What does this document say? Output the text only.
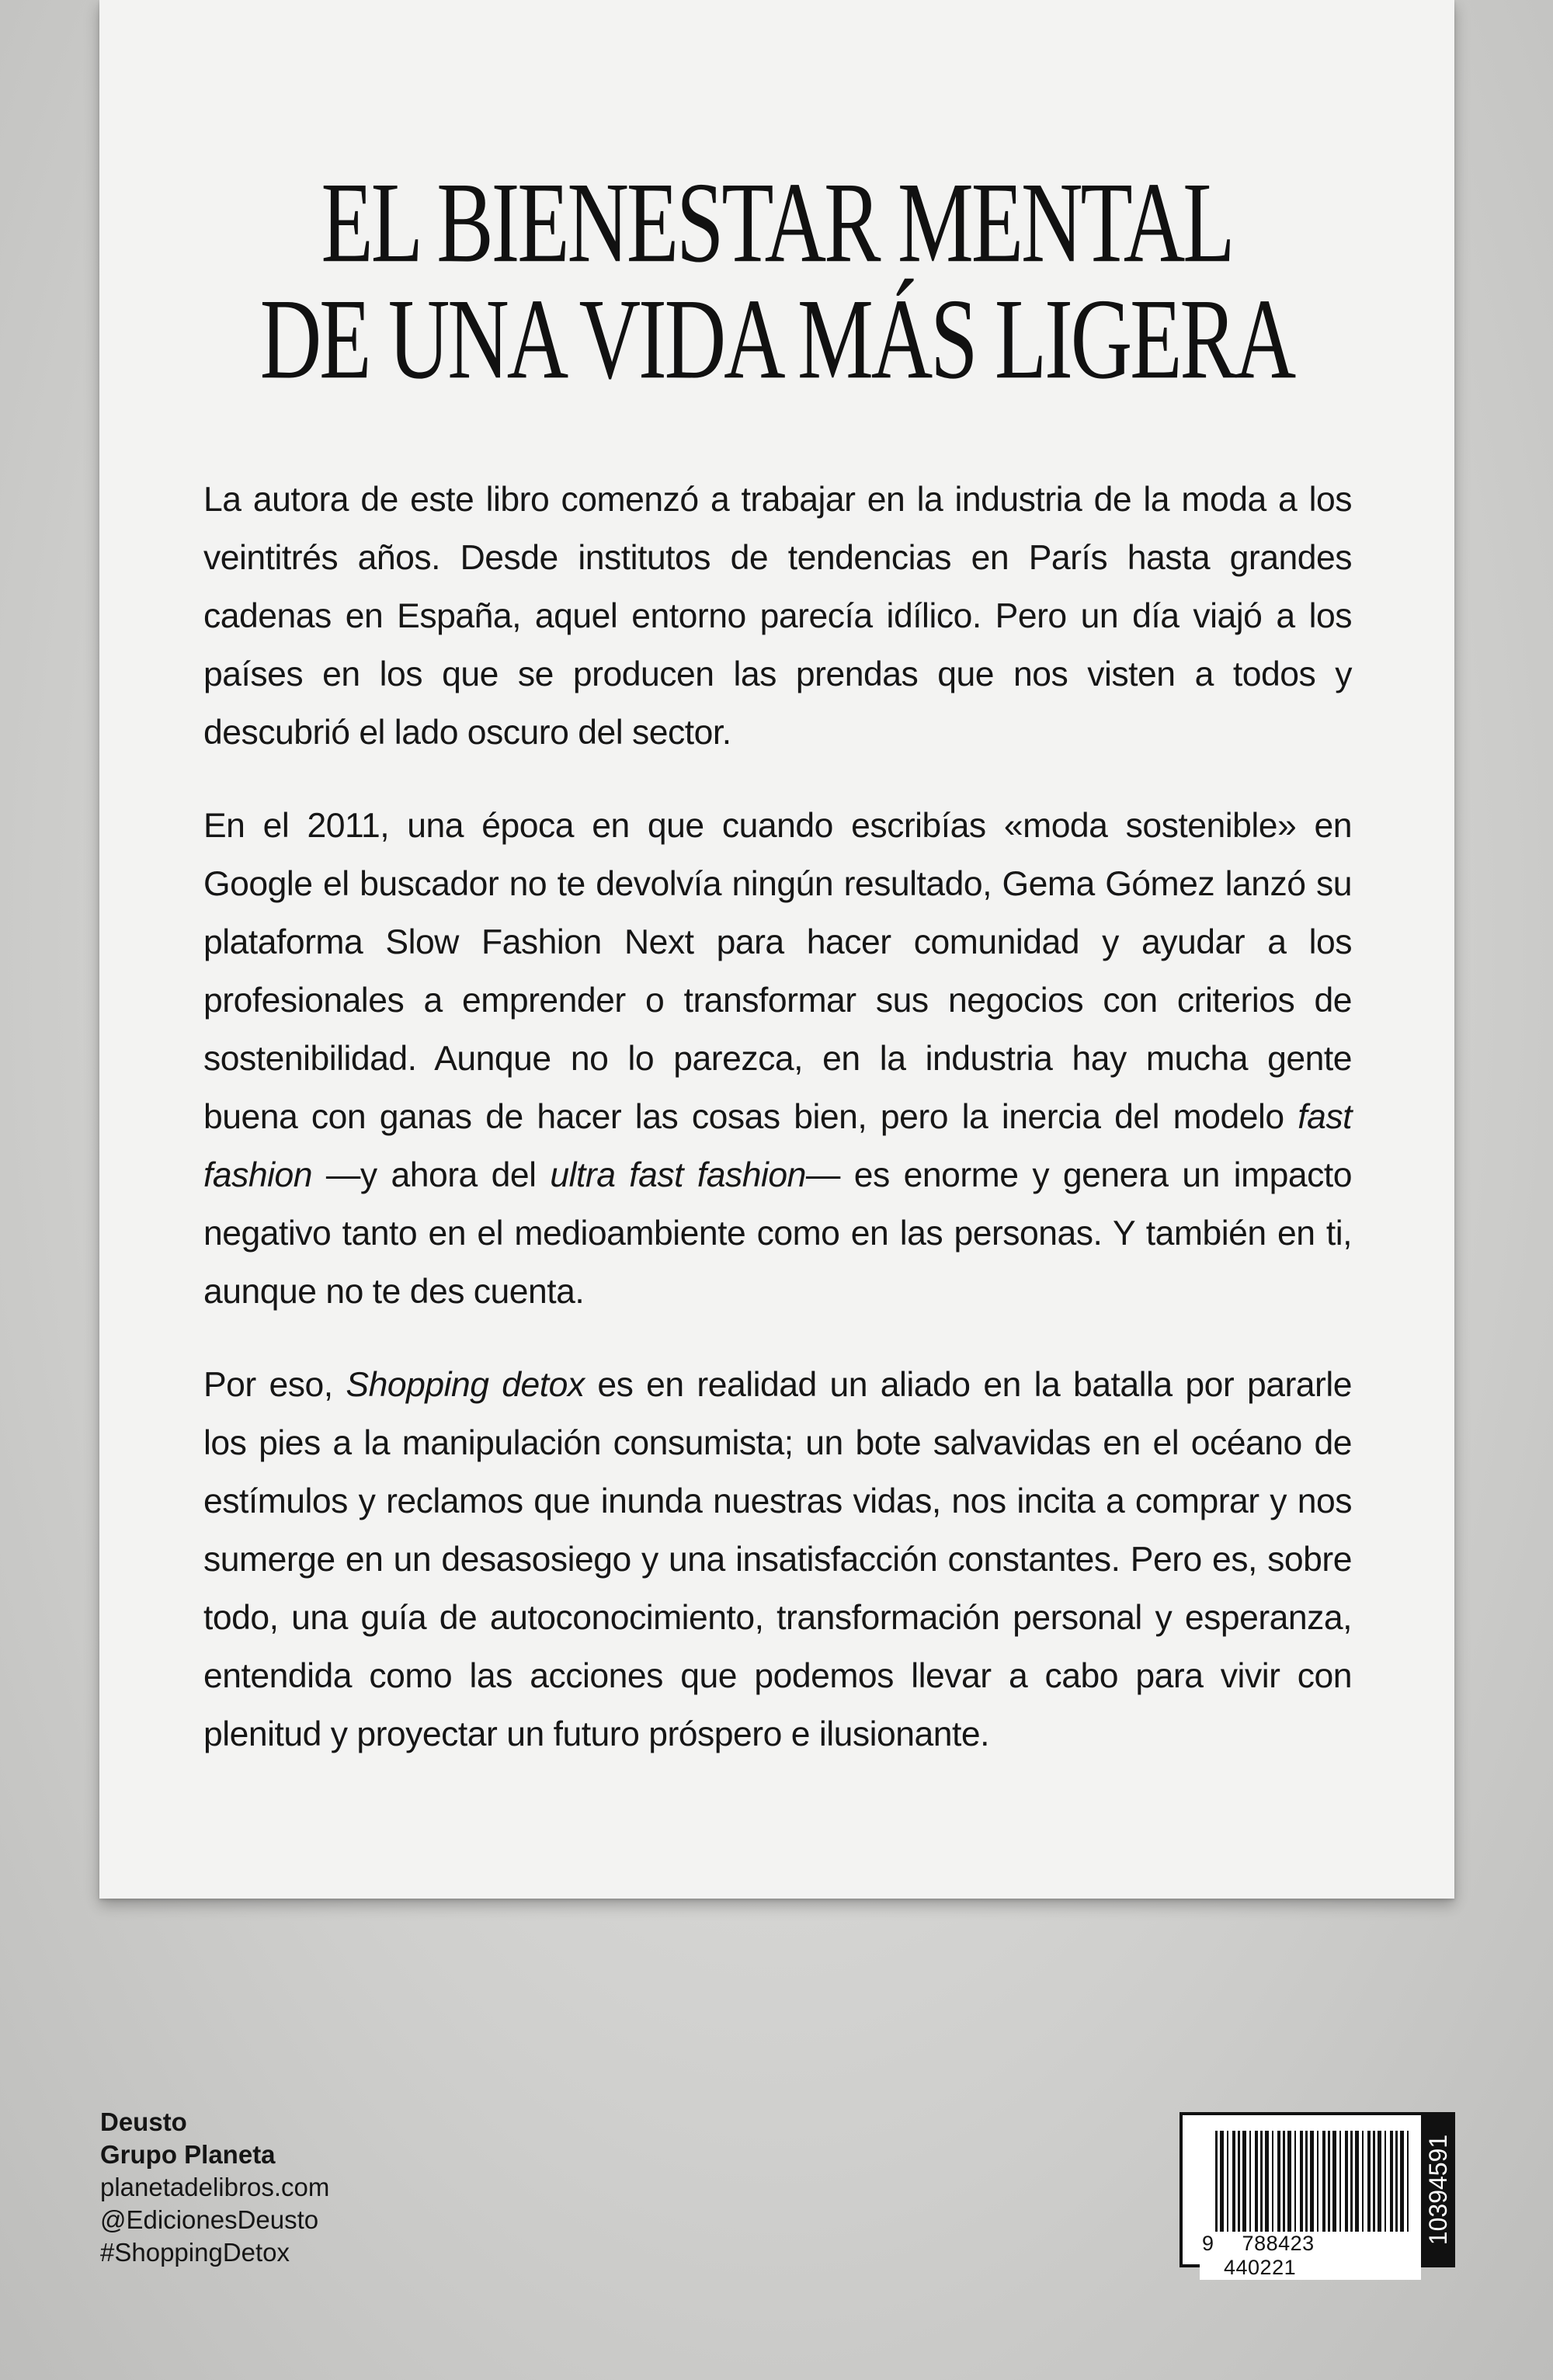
EL BIENESTAR MENTAL
DE UNA VIDA MÁS LIGERA

La autora de este libro comenzó a trabajar en la industria de la moda a los veintitrés años. Desde institutos de tendencias en París hasta grandes cadenas en España, aquel entorno parecía idílico. Pero un día viajó a los países en los que se producen las prendas que nos visten a todos y descubrió el lado oscuro del sector.

En el 2011, una época en que cuando escribías «moda sostenible» en Google el buscador no te devolvía ningún resultado, Gema Gómez lanzó su plataforma Slow Fashion Next para hacer comunidad y ayudar a los profesionales a emprender o transformar sus negocios con criterios de sostenibilidad. Aunque no lo parezca, en la industria hay mucha gente buena con ganas de hacer las cosas bien, pero la inercia del modelo fast fashion —y ahora del ultra fast fashion— es enorme y genera un impacto negativo tanto en el medioambiente como en las personas. Y también en ti, aunque no te des cuenta.

Por eso, Shopping detox es en realidad un aliado en la batalla por pararle los pies a la manipulación consumista; un bote salvavidas en el océano de estímulos y reclamos que inunda nuestras vidas, nos incita a comprar y nos sumerge en un desasosiego y una insatisfacción constantes. Pero es, sobre todo, una guía de autoconocimiento, transformación personal y esperanza, entendida como las acciones que podemos llevar a cabo para vivir con plenitud y proyectar un futuro próspero e ilusionante.

Deusto
Grupo Planeta
planetadelibros.com
@EdicionesDeusto
#ShoppingDetox	9 788423 440221
10394591
